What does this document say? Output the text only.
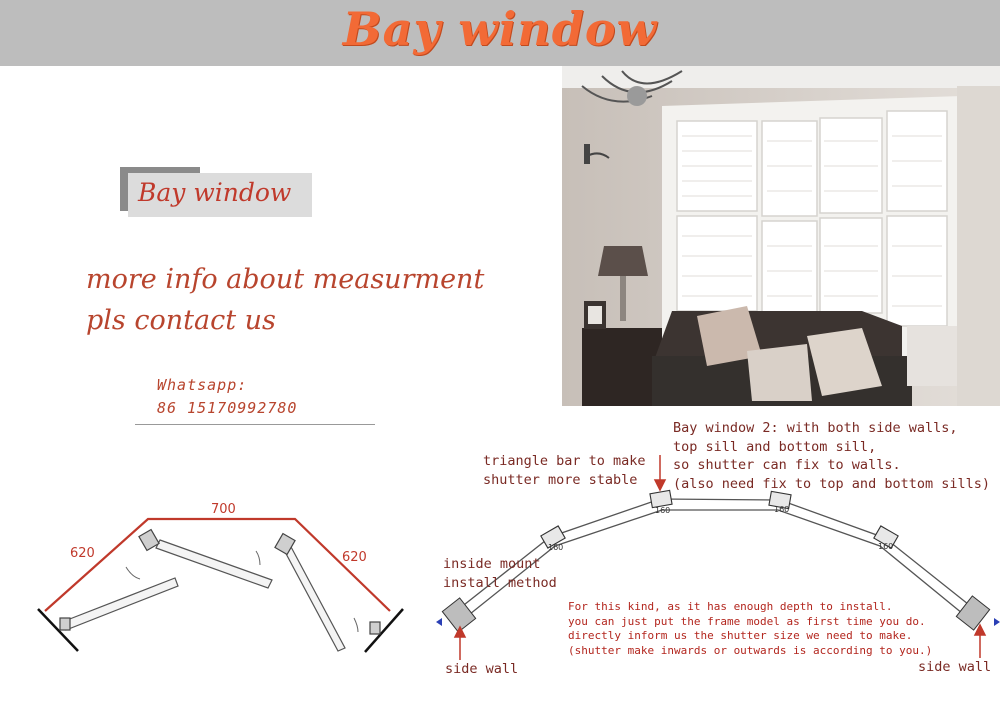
Bay window
Bay window
more info about measurment
pls contact us
Whatsapp:
86 15170992780
700
620	620
160
160	160
160
Bay window 2: with both side walls,
top sill and bottom sill,
so shutter can fix to walls.
(also need fix to top and bottom sills)
triangle bar to make
shutter more stable
inside mount
install method
For this kind, as it has enough depth to install.
you can just put the frame model as first time you do.
directly inform us the shutter size we need to make.
(shutter make inwards or outwards is according to you.)
side wall	side wall
